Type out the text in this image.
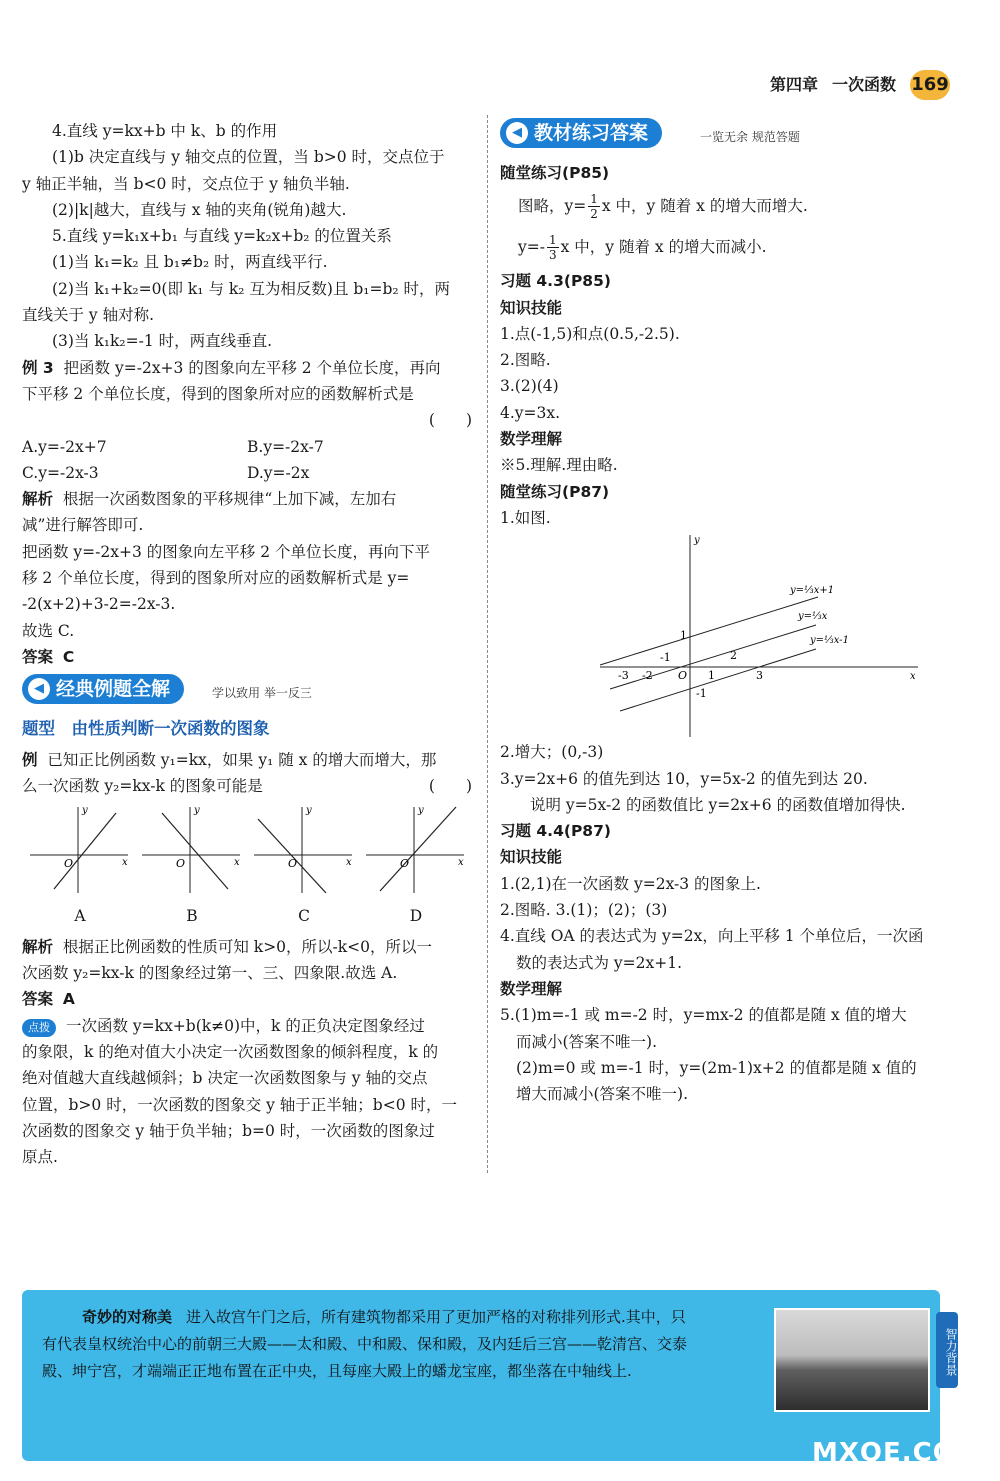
第四章 一次函数 169
4.直线 y=kx+b 中 k、b 的作用
(1)b 决定直线与 y 轴交点的位置，当 b>0 时，交点位于
y 轴正半轴，当 b<0 时，交点位于 y 轴负半轴.
(2)|k|越大，直线与 x 轴的夹角(锐角)越大.
5.直线 y=k₁x+b₁ 与直线 y=k₂x+b₂ 的位置关系
(1)当 k₁=k₂ 且 b₁≠b₂ 时，两直线平行.
(2)当 k₁+k₂=0(即 k₁ 与 k₂ 互为相反数)且 b₁=b₂ 时，两
直线关于 y 轴对称.
(3)当 k₁k₂=-1 时，两直线垂直.
例 3 把函数 y=-2x+3 的图象向左平移 2 个单位长度，再向
下平移 2 个单位长度，得到的图象所对应的函数解析式是
(　　)
A.y=-2x+7	B.y=-2x-7
C.y=-2x-3	D.y=-2x
解析 根据一次函数图象的平移规律“上加下减，左加右
减”进行解答即可.
把函数 y=-2x+3 的图象向左平移 2 个单位长度，再向下平
移 2 个单位长度，得到的图象所对应的函数解析式是 y=
-2(x+2)+3-2=-2x-3.
故选 C.
答案 C
◀ 经典例题全解	学以致用 举一反三
题型　由性质判断一次函数的图象
例 已知正比例函数 y₁=kx，如果 y₁ 随 x 的增大而增大，那
么一次函数 y₂=kx-k 的图象可能是	(　　)
y
x
O
A
y
x
O
B
y
x
O
C
y
x
O
D
解析 根据正比例函数的性质可知 k>0，所以-k<0，所以一
次函数 y₂=kx-k 的图象经过第一、三、四象限.故选 A.
答案 A
点拨 一次函数 y=kx+b(k≠0)中，k 的正负决定图象经过
的象限，k 的绝对值大小决定一次函数图象的倾斜程度，k 的
绝对值越大直线越倾斜；b 决定一次函数图象与 y 轴的交点
位置，b>0 时，一次函数的图象交 y 轴于正半轴；b<0 时，一
次函数的图象交 y 轴于负半轴；b=0 时，一次函数的图象过
原点.
◀ 教材练习答案	一览无余 规范答题
随堂练习(P85)
图略，$y= \frac{1}{2}$ x 中，y 随着 x 的增大而增大.
$y=- \frac{1}{3}$ x 中，y 随着 x 的增大而减小.
习题 4.3(P85)
知识技能
1.点(-1,5)和点(0.5,-2.5).
2.图略.
3.(2)(4)
4.y=3x.
数学理解
※5.理解.理由略.
随堂练习(P87)
1.如图.
y=⅓x+1
y=⅓x
y=⅓x-1
-3 -2 O 1	3
1
-1
-1
2
x
y
2.增大；(0,-3)
3.y=2x+6 的值先到达 10，y=5x-2 的值先到达 20.
说明 y=5x-2 的函数值比 y=2x+6 的函数值增加得快.
习题 4.4(P87)
知识技能
1.(2,1)在一次函数 y=2x-3 的图象上.
2.图略. 3.(1)；(2)；(3)
4.直线 OA 的表达式为 y=2x，向上平移 1 个单位后，一次函
数的表达式为 y=2x+1.
数学理解
5.(1)m=-1 或 m=-2 时，y=mx-2 的值都是随 x 值的增大
而减小(答案不唯一).
(2)m=0 或 m=-1 时，y=(2m-1)x+2 的值都是随 x 值的
增大而减小(答案不唯一).
奇妙的对称美 进入故宫午门之后，所有建筑物都采用了更加严格的对称排列形式.其中，只
有代表皇权统治中心的前朝三大殿——太和殿、中和殿、保和殿，及内廷后三宫——乾清宫、交泰
殿、坤宁宫，才端端正正地布置在正中央，且每座大殿上的蟠龙宝座，都坐落在中轴线上.	智力背景
MXQE.COM
